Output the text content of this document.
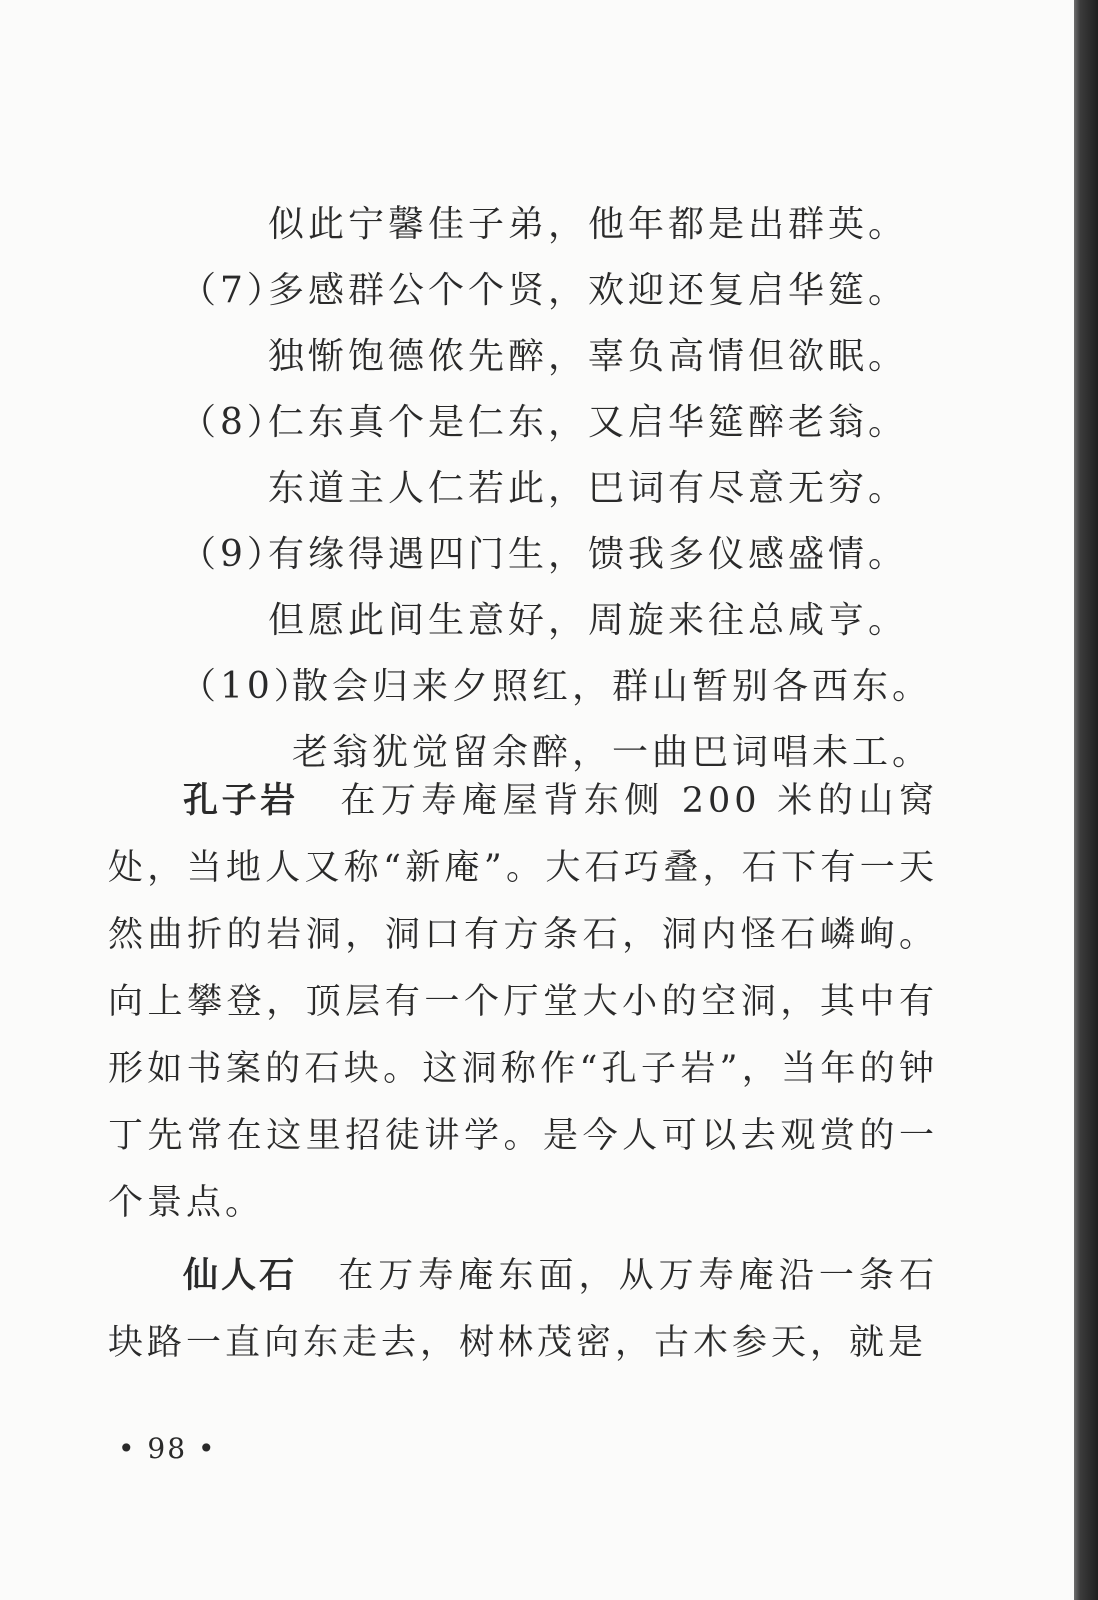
似此宁馨佳子弟，他年都是出群英。
（7）
多感群公个个贤，欢迎还复启华筵。
独惭饱德侬先醉，辜负高情但欲眠。
（8）
仁东真个是仁东，又启华筵醉老翁。
东道主人仁若此，巴词有尽意无穷。
（9）
有缘得遇四门生，馈我多仪感盛情。
但愿此间生意好，周旋来往总咸亨。
（10）
散会归来夕照红，群山暂别各西东。
老翁犹觉留余醉，一曲巴词唱未工。

孔子岩 在万寿庵屋背东侧 200 米的山窝处，当地人又称“新庵”。大石巧叠，石下有一天然曲折的岩洞，洞口有方条石，洞内怪石嶙峋。向上攀登，顶层有一个厅堂大小的空洞，其中有形如书案的石块。这洞称作“孔子岩”，当年的钟丁先常在这里招徒讲学。是今人可以去观赏的一个景点。

仙人石 在万寿庵东面，从万寿庵沿一条石块路一直向东走去，树林茂密，古木参天，就是

• 98 •
